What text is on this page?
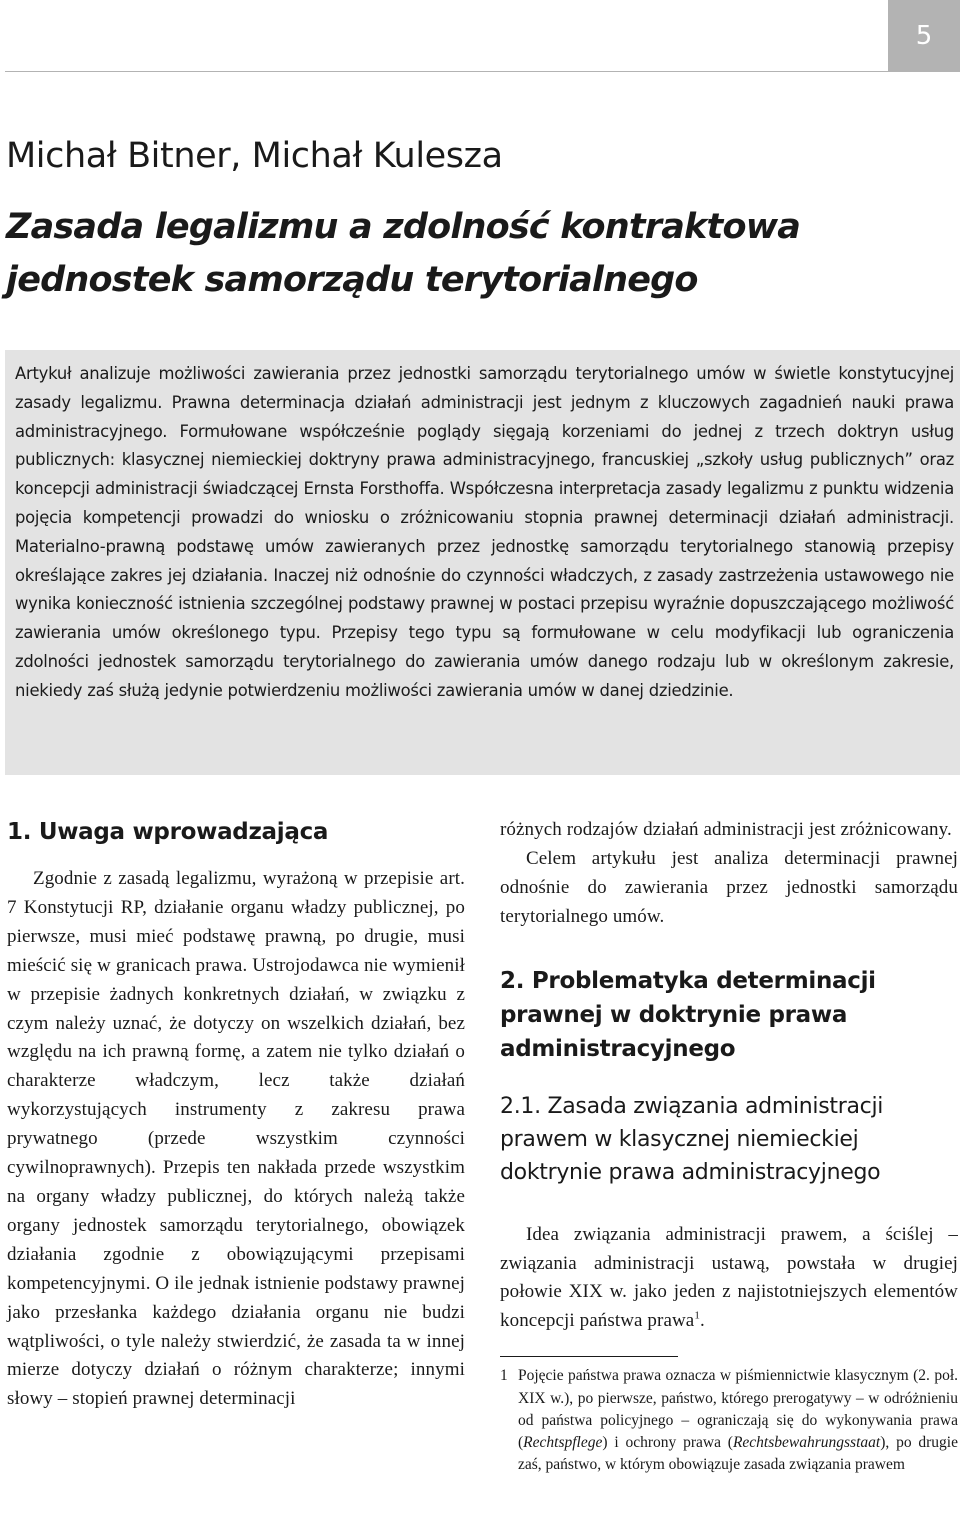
5
Michał Bitner, Michał Kulesza
Zasada legalizmu a zdolność kontraktowa jednostek samorządu terytorialnego

Artykuł analizuje możliwości zawierania przez jednostki samorządu terytorialnego umów w świetle konstytucyjnej zasady legalizmu. Prawna determinacja działań administracji jest jednym z kluczowych zagadnień nauki prawa administracyjnego. Formułowane współcześnie poglądy sięgają korzeniami do jednej z trzech doktryn usług publicznych: klasycznej niemieckiej doktryny prawa administracyjnego, francuskiej „szkoły usług publicznych” oraz koncepcji administracji świadczącej Ernsta Forsthoffa. Współczesna interpretacja zasady legalizmu z punktu widzenia pojęcia kompetencji prowadzi do wniosku o zróżnicowaniu stopnia prawnej determinacji działań administracji. Materialno-prawną podstawę umów zawieranych przez jednostkę samorządu terytorialnego stanowią przepisy określające zakres jej działania. Inaczej niż odnośnie do czynności władczych, z zasady zastrzeżenia ustawowego nie wynika konieczność istnienia szczególnej podstawy prawnej w postaci przepisu wyraźnie dopuszczającego możliwość zawierania umów określonego typu. Przepisy tego typu są formułowane w celu modyfikacji lub ograniczenia zdolności jednostek samorządu terytorialnego do zawierania umów danego rodzaju lub w określonym zakresie, niekiedy zaś służą jedynie potwierdzeniu możliwości zawierania umów w danej dziedzinie.

1. Uwaga wprowadzająca

Zgodnie z zasadą legalizmu, wyrażoną w przepisie art. 7 Konstytucji RP, działanie organu władzy publicznej, po pierwsze, musi mieć podstawę prawną, po drugie, musi mieścić się w granicach prawa. Ustrojodawca nie wymienił w przepisie żadnych konkretnych działań, w związku z czym należy uznać, że dotyczy on wszelkich działań, bez względu na ich prawną formę, a zatem nie tylko działań o charakterze władczym, lecz także działań wykorzystujących instrumenty z zakresu prawa prywatnego (przede wszystkim czynności cywilnoprawnych). Przepis ten nakłada przede wszystkim na organy władzy publicznej, do których należą także organy jednostek samorządu terytorialnego, obowiązek działania zgodnie z obowiązującymi przepisami kompetencyjnymi. O ile jednak istnienie podstawy prawnej jako przesłanka każdego działania organu nie budzi wątpliwości, o tyle należy stwierdzić, że zasada ta w innej mierze dotyczy działań o różnym charakterze; innymi słowy – stopień prawnej determinacji

różnych rodzajów działań administracji jest zróżnicowany.

Celem artykułu jest analiza determinacji prawnej odnośnie do zawierania przez jednostki samorządu terytorialnego umów.

2. Problematyka determinacji prawnej w doktrynie prawa administracyjnego
2.1. Zasada związania administracji prawem w klasycznej niemieckiej doktrynie prawa administracyjnego

Idea związania administracji prawem, a ściślej – związania administracji ustawą, powstała w drugiej połowie XIX w. jako jeden z najistotniejszych elementów koncepcji państwa prawa$^1$.

1 Pojęcie państwa prawa oznacza w piśmiennictwie klasycznym (2. poł. XIX w.), po pierwsze, państwo, którego prerogatywy – w odróżnieniu od państwa policyjnego – ograniczają się do wykonywania prawa (Rechtspflege) i ochrony prawa (Rechtsbewahrungsstaat), po drugie zaś, państwo, w którym obowiązuje zasada związania prawem
